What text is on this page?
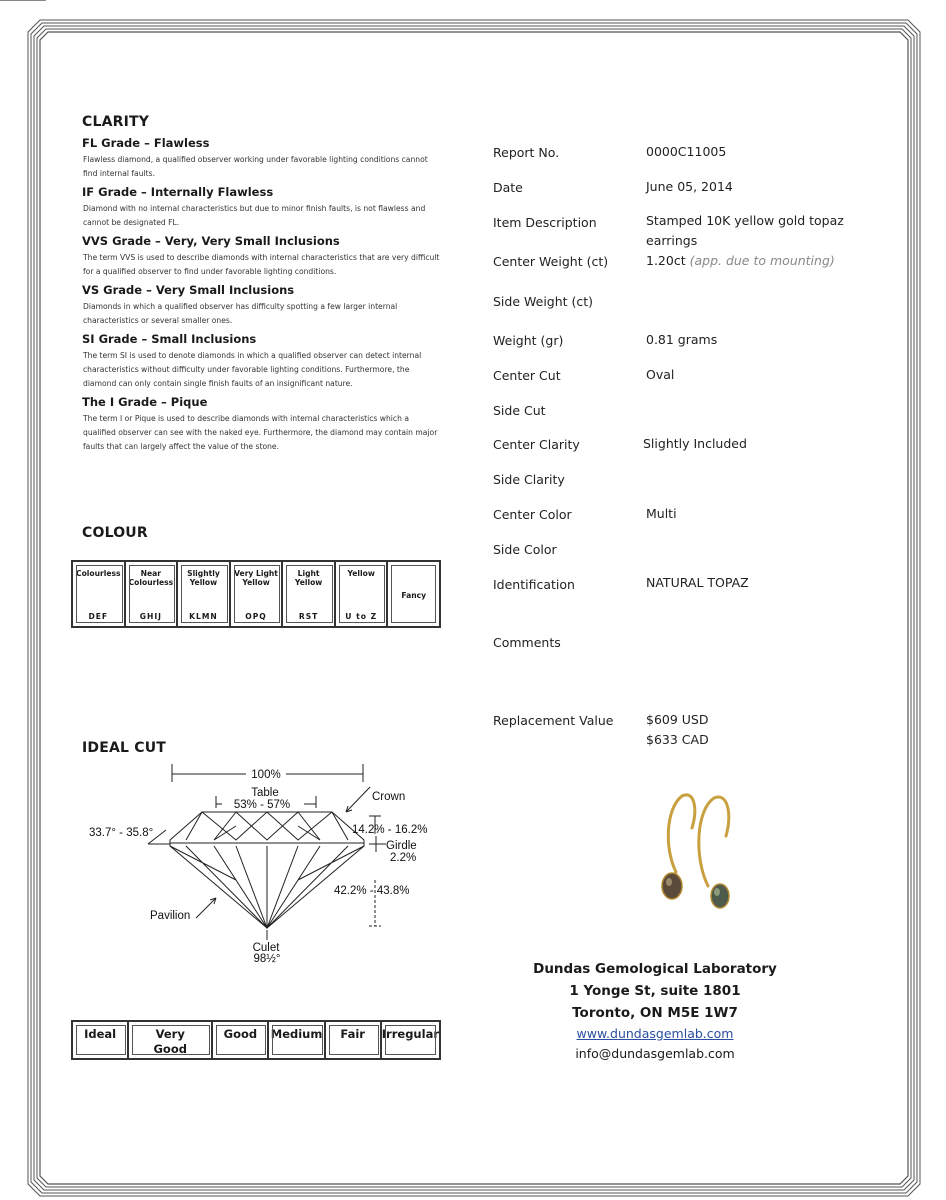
CLARITY
FL Grade – Flawless
Flawless diamond, a qualified observer working under favorable lighting conditions cannot find internal faults.
IF Grade – Internally Flawless
Diamond with no internal characteristics but due to minor finish faults, is not flawless and cannot be designated FL.
VVS Grade – Very, Very Small Inclusions
The term VVS is used to describe diamonds with internal characteristics that are very difficult for a qualified observer to find under favorable lighting conditions.
VS Grade – Very Small Inclusions
Diamonds in which a qualified observer has difficulty spotting a few larger internal characteristics or several smaller ones.
SI Grade – Small Inclusions
The term SI is used to denote diamonds in which a qualified observer can detect internal characteristics without difficulty under favorable lighting conditions. Furthermore, the diamond can only contain single finish faults of an insignificant nature.
The I Grade – Pique
The term I or Pique is used to describe diamonds with internal characteristics which a qualified observer can see with the naked eye. Furthermore, the diamond may contain major faults that can largely affect the value of the stone.
COLOUR
Colourless
DEF
Near Colourless
GHIJ
Slightly Yellow
KLMN
Very Light Yellow
OPQ
Light Yellow
RST
Yellow
U to Z
Fancy
IDEAL CUT
100%
Table
53% - 57%
Crown
33.7° - 35.8°	14.2% - 16.2%
Girdle
2.2%
42.2% - 43.8%
Pavilion
Culet
98½°
Ideal	Very Good
Good	Medium	Fair	Irregular
Report No.	0000C11005
Date	June 05, 2014
Item Description	Stamped 10K yellow gold topaz earrings
Center Weight (ct)	1.20ct (app. due to mounting)
Side Weight (ct)
Weight (gr)	0.81 grams
Center Cut	Oval
Side Cut
Center Clarity	Slightly Included
Side Clarity
Center Color	Multi
Side Color
Identification	NATURAL TOPAZ
Comments
Replacement Value	$609 USD
$633 CAD
Dundas Gemological Laboratory
1 Yonge St, suite 1801
Toronto, ON M5E 1W7
www.dundasgemlab.com
info@dundasgemlab.com
